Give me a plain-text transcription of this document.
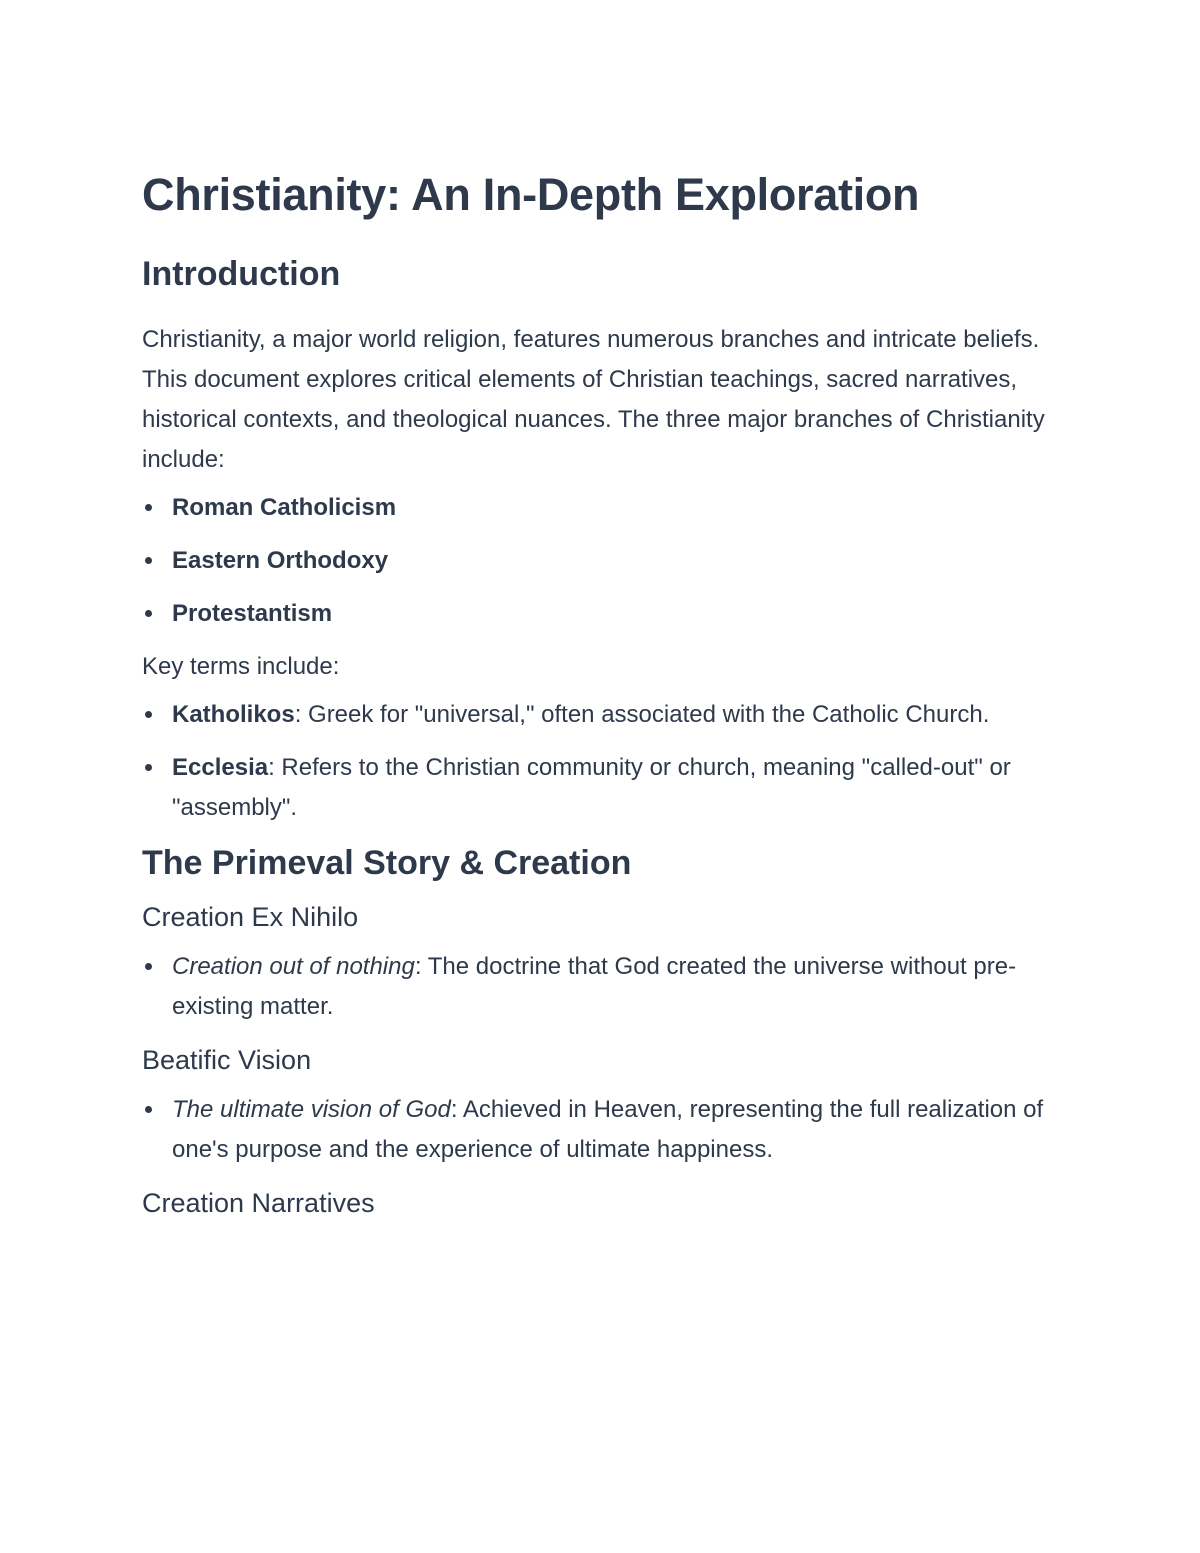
Christianity: An In-Depth Exploration
Introduction

Christianity, a major world religion, features numerous branches and intricate beliefs. This document explores critical elements of Christian teachings, sacred narratives, historical contexts, and theological nuances. The three major branches of Christianity include:

Roman Catholicism
Eastern Orthodoxy
Protestantism

Key terms include:

Katholikos: Greek for "universal," often associated with the Catholic Church.
Ecclesia: Refers to the Christian community or church, meaning "called-out" or "assembly".
The Primeval Story & Creation
Creation Ex Nihilo
Creation out of nothing: The doctrine that God created the universe without pre-existing matter.
Beatific Vision
The ultimate vision of God: Achieved in Heaven, representing the full realization of one's purpose and the experience of ultimate happiness.
Creation Narratives
